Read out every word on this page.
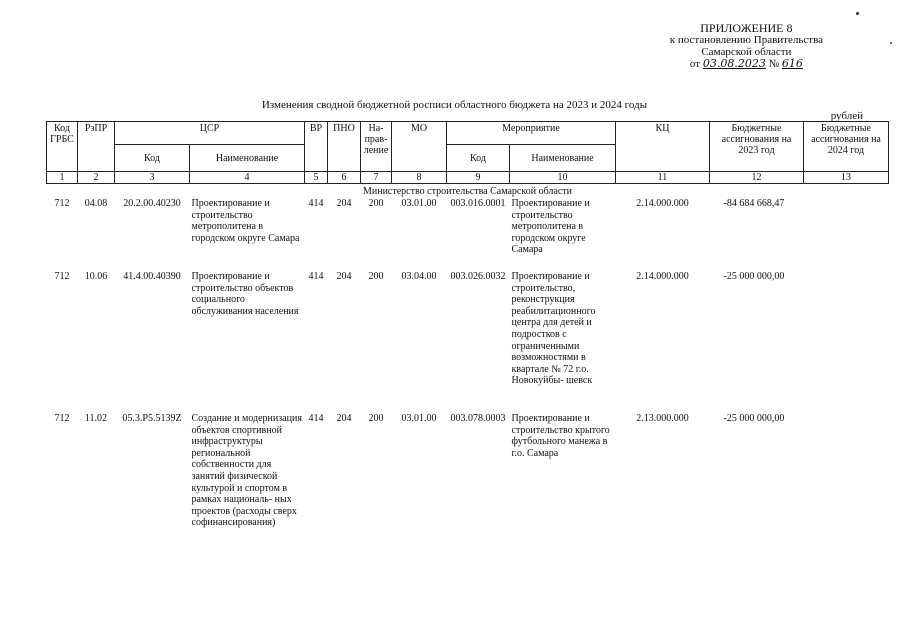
ПРИЛОЖЕНИЕ 8
к постановлению Правительства
Самарской области
от 03.08.2023 № 616
Изменения сводной бюджетной росписи областного бюджета на 2023 и 2024 годы
рублей
Код ГРБС	РзПР	ЦСР		ВР	ПНО	На- прав- ление	МО	Мероприятие		КЦ	Бюджетные ассигнования на 2023 год	Бюджетные ассигнования на 2024 год
		Код	Наименование					Код	Наименование			
1	2	3	4	5	6	7	8	9	10	11	12	13
Министерство строительства Самарской области												
712	04.08	20.2.00.40230	Проектирование и строительство метрополитена в городском округе Самара	414	204	200	03.01.00	003.016.0001	Проектирование и строительство метрополитена в городском округе Самара	2.14.000.000	-84 684 668,47	
712	10.06	41.4.00.40390	Проектирование и строительство объектов социального обслуживания населения	414	204	200	03.04.00	003.026.0032	Проектирование и строительство, реконструкция реабилитационного центра для детей и подростков с ограниченными возможностями в квартале № 72 г.о. Новокуйбы- шевск	2.14.000.000	-25 000 000,00	
712	11.02	05.3.P5.5139Z	Создание и модернизация объектов спортивной инфраструктуры региональной собственности для занятий физической культурой и спортом в рамках националь- ных проектов (расходы сверх софинансирования)	414	204	200	03.01.00	003.078.0003	Проектирование и строительство крытого футбольного манежа в г.о. Самара	2.13.000.000	-25 000 000,00	
